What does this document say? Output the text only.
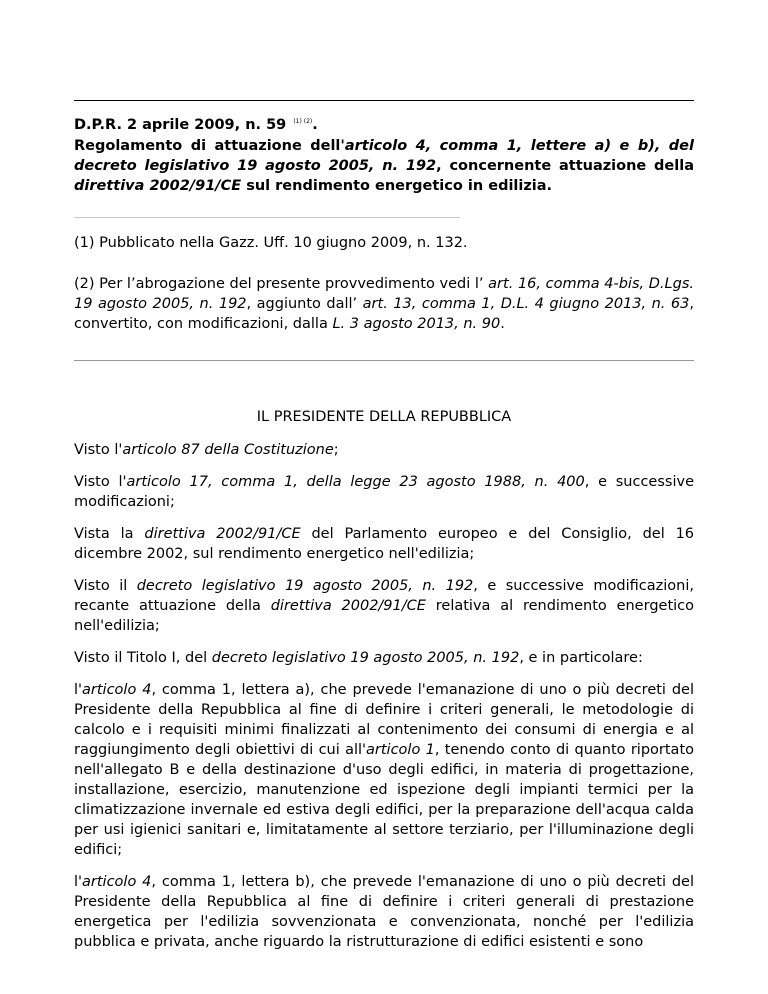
D.P.R. 2 aprile 2009, n. 59 $^{(1) (2)}$.
Regolamento di attuazione dell'articolo 4, comma 1, lettere a) e b), del decreto legislativo 19 agosto 2005, n. 192, concernente attuazione della direttiva 2002/91/CE sul rendimento energetico in edilizia.
(1) Pubblicato nella Gazz. Uff. 10 giugno 2009, n. 132.
(2) Per l’abrogazione del presente provvedimento vedi l’ art. 16, comma 4-bis, D.Lgs. 19 agosto 2005, n. 192, aggiunto dall’ art. 13, comma 1, D.L. 4 giugno 2013, n. 63, convertito, con modificazioni, dalla L. 3 agosto 2013, n. 90.
IL PRESIDENTE DELLA REPUBBLICA

Visto l'articolo 87 della Costituzione;

Visto l'articolo 17, comma 1, della legge 23 agosto 1988, n. 400, e successive modificazioni;

Vista la direttiva 2002/91/CE del Parlamento europeo e del Consiglio, del 16 dicembre 2002, sul rendimento energetico nell'edilizia;

Visto il decreto legislativo 19 agosto 2005, n. 192, e successive modificazioni, recante attuazione della direttiva 2002/91/CE relativa al rendimento energetico nell'edilizia;

Visto il Titolo I, del decreto legislativo 19 agosto 2005, n. 192, e in particolare:

l'articolo 4, comma 1, lettera a), che prevede l'emanazione di uno o più decreti del Presidente della Repubblica al fine di definire i criteri generali, le metodologie di calcolo e i requisiti minimi finalizzati al contenimento dei consumi di energia e al raggiungimento degli obiettivi di cui all'articolo 1, tenendo conto di quanto riportato nell'allegato B e della destinazione d'uso degli edifici, in materia di progettazione, installazione, esercizio, manutenzione ed ispezione degli impianti termici per la climatizzazione invernale ed estiva degli edifici, per la preparazione dell'acqua calda per usi igienici sanitari e, limitatamente al settore terziario, per l'illuminazione degli edifici;

l'articolo 4, comma 1, lettera b), che prevede l'emanazione di uno o più decreti del Presidente della Repubblica al fine di definire i criteri generali di prestazione energetica per l'edilizia sovvenzionata e convenzionata, nonché per l'edilizia pubblica e privata, anche riguardo la ristrutturazione di edifici esistenti e sono
